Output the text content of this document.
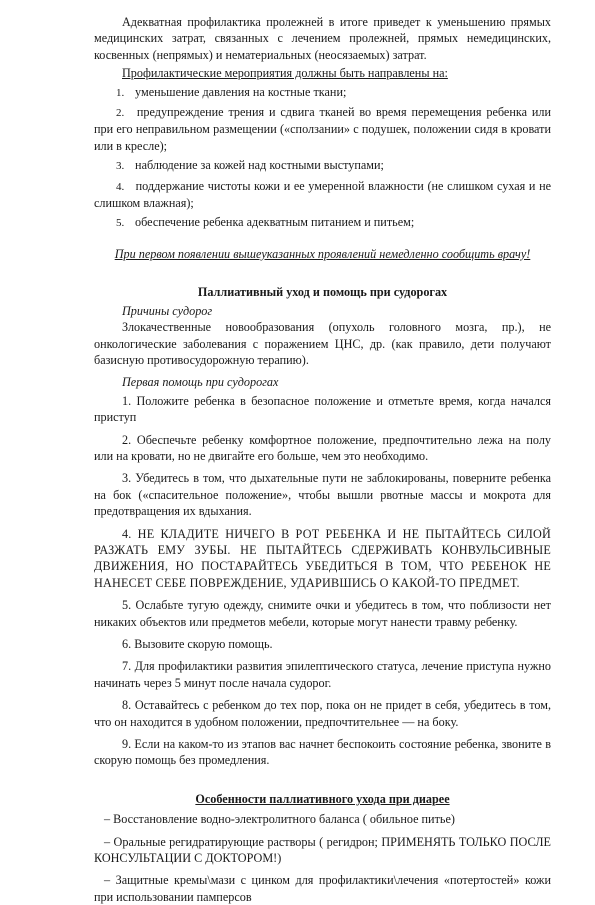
Адекватная профилактика пролежней в итоге приведет к уменьшению прямых медицинских затрат, связанных с лечением пролежней, прямых немедицинских, косвенных (непрямых) и нематериальных (неосязаемых) затрат.

Профилактические мероприятия должны быть направлены на:

1. уменьшение давления на костные ткани;
2. предупреждение трения и сдвига тканей во время перемещения ребенка или при его неправильном размещении («сползании» с подушек, положении сидя в кровати или в кресле);
3. наблюдение за кожей над костными выступами;
4. поддержание чистоты кожи и ее умеренной влажности (не слишком сухая и не слишком влажная);
5. обеспечение ребенка адекватным питанием и питьем;

При первом появлении вышеуказанных проявлений немедленно сообщить врачу!

Паллиативный уход и помощь при судорогах

Причины судорог

Злокачественные новообразования (опухоль головного мозга, пр.), не онкологические заболевания с поражением ЦНС, др. (как правило, дети получают базисную противосудорожную терапию).

Первая помощь при судорогах

1. Положите ребенка в безопасное положение и отметьте время, когда начался приступ

2. Обеспечьте ребенку комфортное положение, предпочтительно лежа на полу или на кровати, но не двигайте его больше, чем это необходимо.

3. Убедитесь в том, что дыхательные пути не заблокированы, поверните ребенка на бок («спасительное положение», чтобы вышли рвотные массы и мокрота для предотвращения их вдыхания.

4. НЕ КЛАДИТЕ НИЧЕГО В РОТ РЕБЕНКА И НЕ ПЫТАЙТЕСЬ СИЛОЙ РАЗЖАТЬ ЕМУ ЗУБЫ. НЕ ПЫТАЙТЕСЬ СДЕРЖИВАТЬ КОНВУЛЬСИВНЫЕ ДВИЖЕНИЯ, НО ПОСТАРАЙТЕСЬ УБЕДИТЬСЯ В ТОМ, ЧТО РЕБЕНОК НЕ НАНЕСЕТ СЕБЕ ПОВРЕЖДЕНИЕ, УДАРИВШИСЬ О КАКОЙ-ТО ПРЕДМЕТ.

5. Ослабьте тугую одежду, снимите очки и убедитесь в том, что поблизости нет никаких объектов или предметов мебели, которые могут нанести травму ребенку.

6. Вызовите скорую помощь.

7. Для профилактики развития эпилептического статуса, лечение приступа нужно начинать через 5 минут после начала судорог.

8. Оставайтесь с ребенком до тех пор, пока он не придет в себя, убедитесь в том, что он находится в удобном положении, предпочтительнее — на боку.

9. Если на каком-то из этапов вас начнет беспокоить состояние ребенка, звоните в скорую помощь без промедления.

Особенности паллиативного ухода при диарее

– Восстановление водно-электролитного баланса ( обильное питье)

– Оральные регидратирующие растворы ( регидрон; ПРИМЕНЯТЬ ТОЛЬКО ПОСЛЕ КОНСУЛЬТАЦИИ С ДОКТОРОМ!)

– Защитные кремы\мази с цинком для профилактики\лечения «потертостей» кожи при использовании памперсов
